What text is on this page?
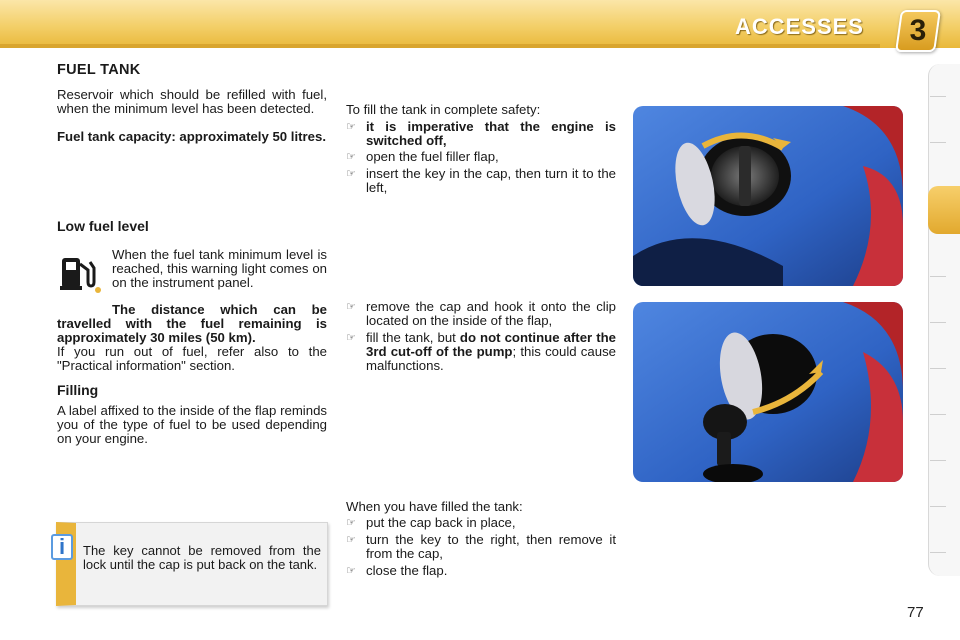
ACCESSES	3
FUEL TANK
Reservoir which should be refilled with fuel, when the minimum level has been detected.
Fuel tank capacity: approximately 50 litres.
Low fuel level
When the fuel tank minimum level is reached, this warning light comes on on the instrument panel.
The distance which can be travelled with the fuel remaining is approximately 30 miles (50 km).
If you run out of fuel, refer also to the "Practical information" section.
Filling
A label affixed to the inside of the flap reminds you of the type of fuel to be used depending on your engine.
To fill the tank in complete safety:
☞ it is imperative that the engine is switched off,
☞ open the fuel filler flap,
☞ insert the key in the cap, then turn it to the left,
☞ remove the cap and hook it onto the clip located on the inside of the flap,
☞ fill the tank, but do not continue after the 3rd cut-off of the pump; this could cause malfunctions.
When you have filled the tank:
☞ put the cap back in place,
☞ turn the key to the right, then remove it from the cap,
☞ close the flap.
i	The key cannot be removed from the lock until the cap is put back on the tank.
77
